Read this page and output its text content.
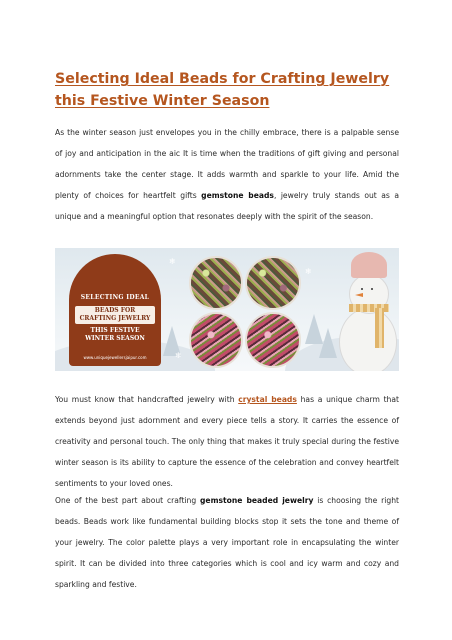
Selecting Ideal Beads for Crafting Jewelry this Festive Winter Season

As the winter season just envelopes you in the chilly embrace, there is a palpable sense of joy and anticipation in the aic It is time when the traditions of gift giving and personal adornments take the center stage. It adds warmth and sparkle to your life. Amid the plenty of choices for heartfelt gifts gemstone beads, jewelry truly stands out as a unique and a meaningful option that resonates deeply with the spirit of the season.

SELECTING IDEAL
BEADS FOR
CRAFTING JEWELRY
THIS FESTIVE
WINTER SEASON
www.uniquejewellersjaipur.com
❄
❄
❄

You must know that handcrafted jewelry with crystal beads has a unique charm that extends beyond just adornment and every piece tells a story. It carries the essence of creativity and personal touch. The only thing that makes it truly special during the festive winter season is its ability to capture the essence of the celebration and convey heartfelt sentiments to your loved ones.

One of the best part about crafting gemstone beaded jewelry is choosing the right beads. Beads work like fundamental building blocks stop it sets the tone and theme of your jewelry. The color palette plays a very important role in encapsulating the winter spirit. It can be divided into three categories which is cool and icy warm and cozy and sparkling and festive.
